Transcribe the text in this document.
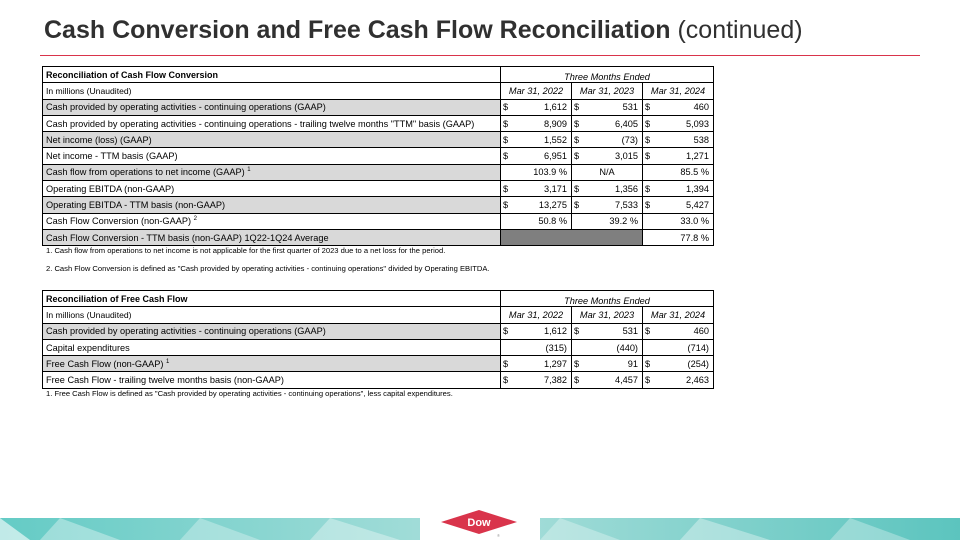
Cash Conversion and Free Cash Flow Reconciliation (continued)
Reconciliation of Cash Flow Conversion	Three Months Ended		
In millions (Unaudited)	Mar 31, 2022	Mar 31, 2023	Mar 31, 2024
Cash provided by operating activities - continuing operations (GAAP)	$ 1,612	$ 531	$ 460

Cash provided by operating activities - continuing operations - trailing twelve months "TTM" basis (GAAP)	$ 8,909	$ 6,405	$ 5,093

Net income (loss) (GAAP)	$ 1,552	$ (73)	$ 538

Net income - TTM basis (GAAP)	$ 6,951	$ 3,015	$ 1,271

Cash flow from operations to net income (GAAP) $^1$	103.9 %	N/A	85.5 %
Operating EBITDA (non-GAAP)	$ 3,171	$ 1,356	$ 1,394

Operating EBITDA - TTM basis (non-GAAP)	$ 13,275	$ 7,533	$ 5,427

Cash Flow Conversion (non-GAAP) $^2$	50.8 %	39.2 %	33.0 %
Cash Flow Conversion - TTM basis (non-GAAP) 1Q22-1Q24 Average			77.8 %
1. Cash flow from operations to net income is not applicable for the first quarter of 2023 due to a net loss for the period.
2. Cash Flow Conversion is defined as "Cash provided by operating activities - continuing operations" divided by Operating EBITDA.
Reconciliation of Free Cash Flow	Three Months Ended		
In millions (Unaudited)	Mar 31, 2022	Mar 31, 2023	Mar 31, 2024
Cash provided by operating activities - continuing operations (GAAP)	$ 1,612	$ 531	$ 460

Capital expenditures	(315)	(440)	(714)
Free Cash Flow (non-GAAP) $^1$	$ 1,297	$ 91	$ (254)

Free Cash Flow - trailing twelve months basis (non-GAAP)	$ 7,382	$ 4,457	$ 2,463
1. Free Cash Flow is defined as "Cash provided by operating activities - continuing operations", less capital expenditures.
Dow
®
